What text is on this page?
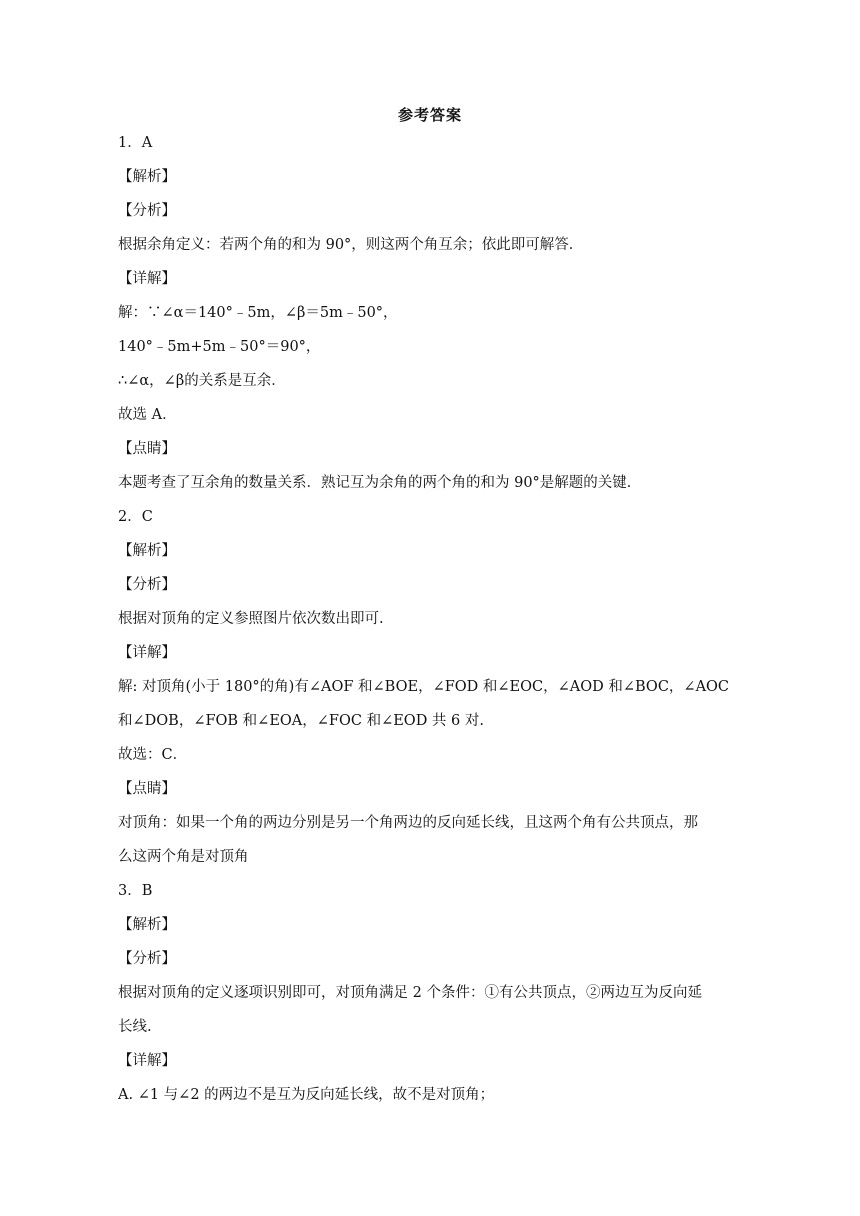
参考答案
1．A
【解析】
【分析】
根据余角定义：若两个角的和为 90°，则这两个角互余；依此即可解答．
【详解】
解：∵∠α＝140°﹣5m，∠β＝5m﹣50°，
140°﹣5m+5m﹣50°＝90°，
∴∠α，∠β的关系是互余．
故选 A．
【点睛】
本题考查了互余角的数量关系．熟记互为余角的两个角的和为 90°是解题的关键．
2．C
【解析】
【分析】
根据对顶角的定义参照图片依次数出即可.
【详解】
解: 对顶角(小于 180°的角)有∠AOF 和∠BOE，∠FOD 和∠EOC，∠AOD 和∠BOC，∠AOC
和∠DOB，∠FOB 和∠EOA，∠FOC 和∠EOD 共 6 对.
故选：C．
【点睛】
对顶角：如果一个角的两边分别是另一个角两边的反向延长线，且这两个角有公共顶点，那
么这两个角是对顶角
3．B
【解析】
【分析】
根据对顶角的定义逐项识别即可，对顶角满足 2 个条件：①有公共顶点，②两边互为反向延
长线.
【详解】
A. ∠1 与∠2 的两边不是互为反向延长线，故不是对顶角；
